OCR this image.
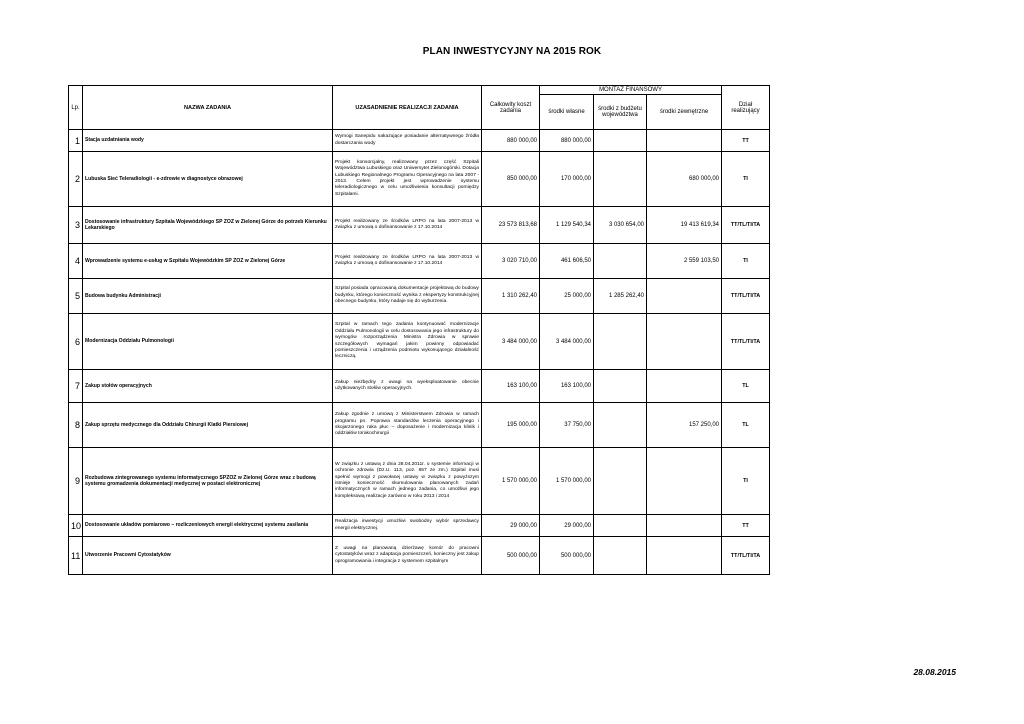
PLAN INWESTYCYJNY NA 2015 ROK
Lp.	NAZWA ZADANIA	UZASADNIENIE REALIZACJI ZADANIA	Całkowity koszt zadania	MONTAŻ FINANSOWY			Dział realizujący
				środki własne	środki z budżetu województwa	środki zewnętrzne	
1	Stacja uzdatniania wody	Wymogi Sanepidu nakazujące posiadanie alternatywnego źródła dostarczania wody	880 000,00	880 000,00			TT
2	Lubuska Sieć Teleradiologii - e-zdrowie w diagnostyce obrazowej	Projekt konsorcjalny, realizowany przez część Szpitali Województwa Lubuskiego oraz Uniwersytet Zielonogórski. Dotacja Lubuskiego Regionalnego Programu Operacyjnego na lata 2007 - 2013. Celem projekt jest wprowadzenie systemu teleradiologicznego w celu umożliwienia konsultacji pomiędzy Szpitalami.	850 000,00	170 000,00		680 000,00	TI
3	Dostosowanie infrastruktury Szpitala Wojewódzkiego SP ZOZ w Zielonej Górze do potrzeb Kierunku Lekarskiego	Projekt realizowany ze środków LRPO na lata 2007-2013 w związku z umową o dofinansowanie z 17.10.2014	23 573 813,68	1 129 540,34	3 030 654,00	19 413 619,34	TT/TL/TI/TA
4	Wprowadzenie systemu e-usług w Szpitalu Wojewódzkim SP ZOZ w Zielonej Górze	Projekt realizowany ze środków LRPO na lata 2007-2013 w związku z umową o dofinansowanie z 17.10.2014	3 020 710,00	461 606,50		2 559 103,50	TI
5	Budowa budynku Administracji	Szpital posiada opracowaną dokumentacje projektową do budowy budynku, którego konieczność wynika z ekspertyzy konstrukcyjnej obecnego budynku, który nadaje się do wyburzenia.	1 310 262,40	25 000,00	1 285 262,40		TT/TL/TI/TA
6	Modernizacja Oddziału Pulmonologii	Szpital w ramach tego zadania kontynuować modernizacje Oddziału Pulmonologii w celu dostosowania jego infrastruktury do wymogów rozporządzenia Ministra Zdrowia w sprawie szczegółowych wymagań jakim powinny odpowiadać pomieszczenia i urządzenia podmiotu wykonującego działalność leczniczą.	3 484 000,00	3 484 000,00			TT/TL/TI/TA
7	Zakup stołów operacyjnych	Zakup niezbędny z uwagi na wyeksploatowanie obecnie użytkowanych stołów operacyjnych.	163 100,00	163 100,00			TL
8	Zakup sprzętu medycznego dla Oddziału Chirurgii Klatki Piersiowej	Zakup zgodnie z umową z Ministerstwem Zdrowia w ramach programu pn. Poprawa standardów leczenia operacyjnego i skojarzonego raka płuc – doposażenie i modernizacja klinik i oddziałów torakochirurgii	195 000,00	37 750,00		157 250,00	TL
9	Rozbudowa zintegrowanego systemu informatycznego SPZOZ w Zielonej Górze wraz z budową systemu gromadzenia dokumentacji medycznej w postaci elektronicznej	W związku z ustawą z dnia 28.04.2011r. o systemie informacji w ochronie zdrowia (Dz.U. 113, poz. 657 ze zm.) Szpital musi spełnić wymogi z powołanej ustawy w związku z powyższym istnieje konieczność skumulowania planowanych zadań informatycznych w ramach jednego zadania, co umożliwi jego kompleksową realizacje zarówno w roku 2013 i 2014	1 570 000,00	1 570 000,00			TI
10	Dostosowanie układów pomiarowo – rozliczeniowych energii elektrycznej systemu zasilania	Realizacja inwestycji umożliwi swobodny wybór sprzedawcy energii elektrycznej.	29 000,00	29 000,00			TT
11	Utworzenie Pracowni Cytostatyków	Z uwagi na planowaną dzierżawę komór do pracowni cytostatyków wraz z adaptacja pomieszczeń, konieczny jest zakup oprogramowania i integracja z systemem szpitalnym	500 000,00	500 000,00			TT/TL/TI/TA
28.08.2015
